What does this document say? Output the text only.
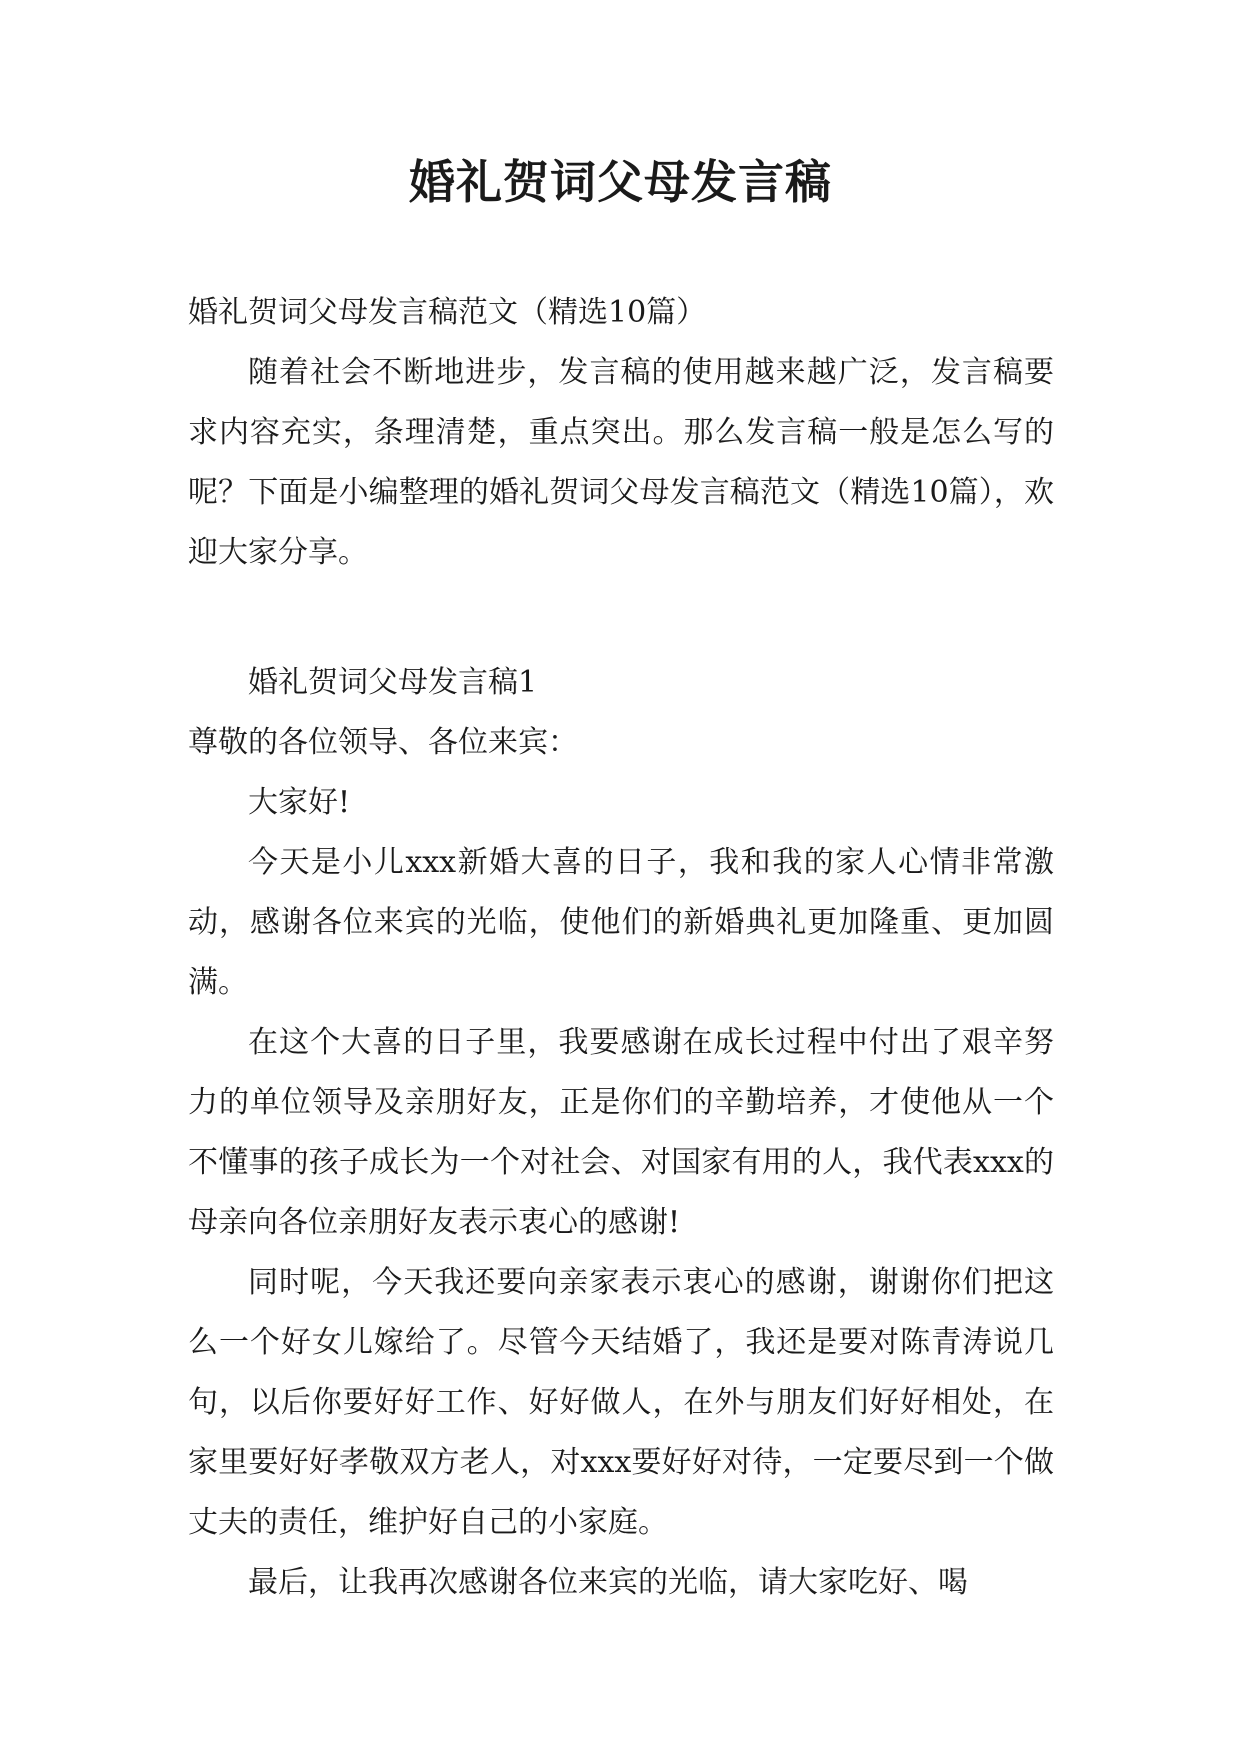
婚礼贺词父母发言稿

婚礼贺词父母发言稿范文（精选10篇）

随着社会不断地进步，发言稿的使用越来越广泛，发言稿要求内容充实，条理清楚，重点突出。那么发言稿一般是怎么写的呢？下面是小编整理的婚礼贺词父母发言稿范文（精选10篇），欢迎大家分享。

婚礼贺词父母发言稿1

尊敬的各位领导、各位来宾：

大家好!

今天是小儿xxx新婚大喜的日子，我和我的家人心情非常激动，感谢各位来宾的光临，使他们的新婚典礼更加隆重、更加圆满。

在这个大喜的日子里，我要感谢在成长过程中付出了艰辛努力的单位领导及亲朋好友，正是你们的辛勤培养，才使他从一个不懂事的孩子成长为一个对社会、对国家有用的人，我代表xxx的母亲向各位亲朋好友表示衷心的感谢!

同时呢，今天我还要向亲家表示衷心的感谢，谢谢你们把这么一个好女儿嫁给了。尽管今天结婚了，我还是要对陈青涛说几句，以后你要好好工作、好好做人，在外与朋友们好好相处，在家里要好好孝敬双方老人，对xxx要好好对待，一定要尽到一个做丈夫的责任，维护好自己的小家庭。

最后，让我再次感谢各位来宾的光临，请大家吃好、喝
